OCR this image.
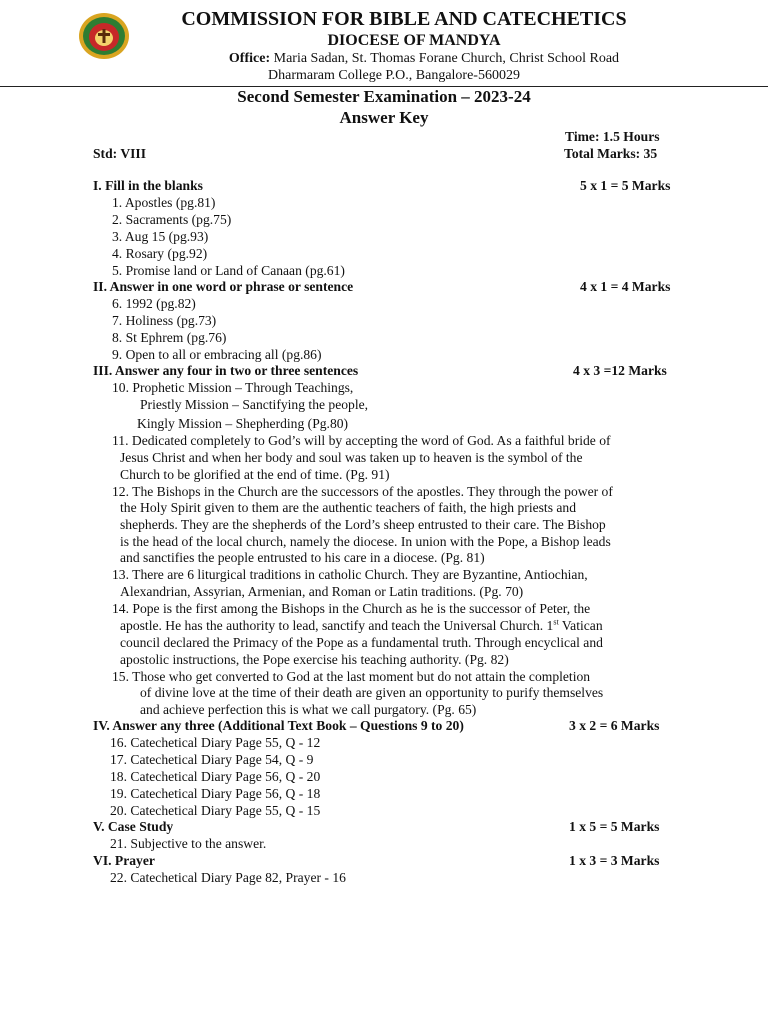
COMMISSION FOR BIBLE AND CATECHETICS
DIOCESE OF MANDYA
Office: Maria Sadan, St. Thomas Forane Church, Christ School Road
Dharmaram College P.O., Bangalore-560029
Second Semester Examination – 2023-24
Answer Key
Time: 1.5 Hours
Std: VIII	Total Marks: 35
I. Fill in the blanks	5 x 1 = 5 Marks
1. Apostles (pg.81)
2. Sacraments (pg.75)
3. Aug 15 (pg.93)
4. Rosary (pg.92)
5. Promise land or Land of Canaan (pg.61)
II. Answer in one word or phrase or sentence	4 x 1 = 4 Marks
6. 1992 (pg.82)
7. Holiness (pg.73)
8. St Ephrem (pg.76)
9. Open to all or embracing all (pg.86)
III. Answer any four in two or three sentences	4 x 3 =12 Marks
10. Prophetic Mission – Through Teachings,
Priestly Mission – Sanctifying the people,
Kingly Mission – Shepherding (Pg.80)
11. Dedicated completely to God’s will by accepting the word of God. As a faithful bride of
Jesus Christ and when her body and soul was taken up to heaven is the symbol of the
Church to be glorified at the end of time. (Pg. 91)
12. The Bishops in the Church are the successors of the apostles. They through the power of
the Holy Spirit given to them are the authentic teachers of faith, the high priests and
shepherds. They are the shepherds of the Lord’s sheep entrusted to their care. The Bishop
is the head of the local church, namely the diocese. In union with the Pope, a Bishop leads
and sanctifies the people entrusted to his care in a diocese. (Pg. 81)
13. There are 6 liturgical traditions in catholic Church. They are Byzantine, Antiochian,
Alexandrian, Assyrian, Armenian, and Roman or Latin traditions. (Pg. 70)
14. Pope is the first among the Bishops in the Church as he is the successor of Peter, the
apostle. He has the authority to lead, sanctify and teach the Universal Church. 1st Vatican
council declared the Primacy of the Pope as a fundamental truth. Through encyclical and
apostolic instructions, the Pope exercise his teaching authority. (Pg. 82)
15. Those who get converted to God at the last moment but do not attain the completion
of divine love at the time of their death are given an opportunity to purify themselves
and achieve perfection this is what we call purgatory. (Pg. 65)
IV. Answer any three (Additional Text Book – Questions 9 to 20)	3 x 2 = 6 Marks
16. Catechetical Diary Page 55, Q - 12
17. Catechetical Diary Page 54, Q - 9
18. Catechetical Diary Page 56, Q - 20
19. Catechetical Diary Page 56, Q - 18
20. Catechetical Diary Page 55, Q - 15
V. Case Study	1 x 5 = 5 Marks
21. Subjective to the answer.
VI. Prayer	1 x 3 = 3 Marks
22. Catechetical Diary Page 82, Prayer - 16
